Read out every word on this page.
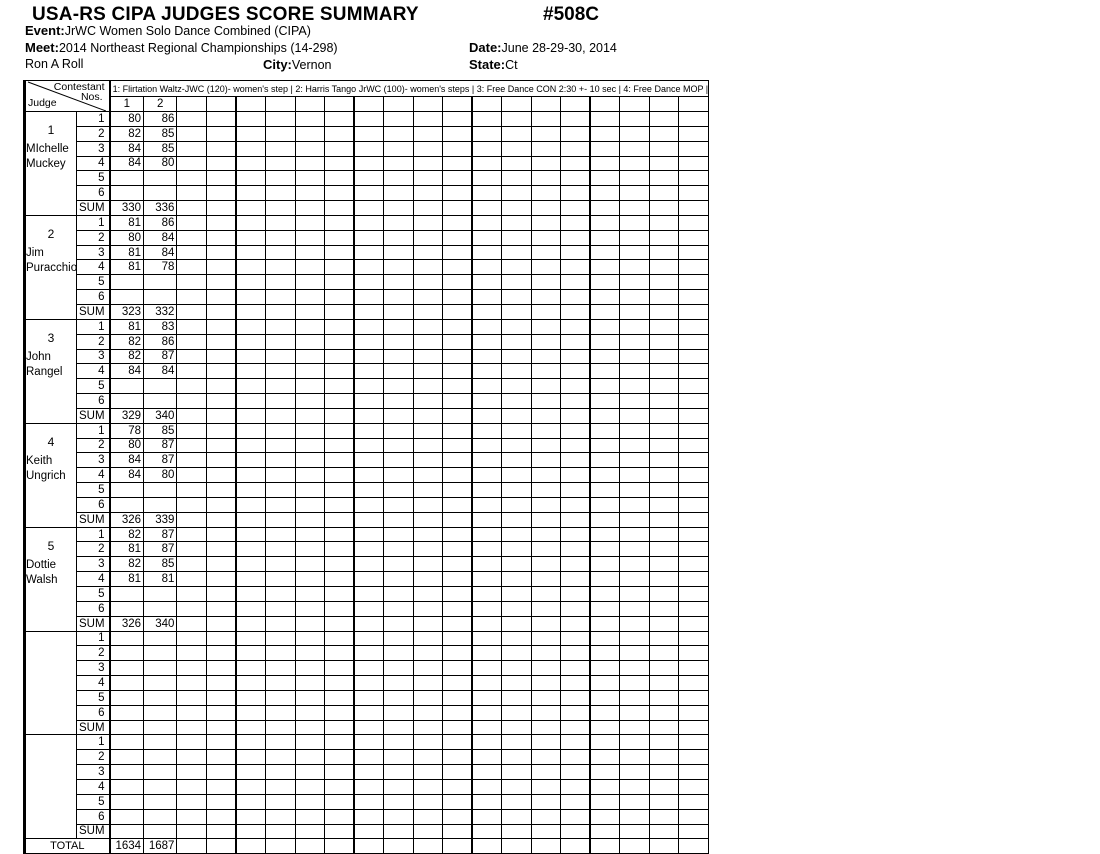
USA-RS CIPA JUDGES SCORE SUMMARY	#508C
Event:JrWC Women Solo Dance Combined (CIPA)
Meet:2014 Northeast Regional Championships (14-298)	Date:June 28-29-30, 2014
Ron A Roll	City:Vernon	State:Ct
Contestant
Nos.
Judge		1: Flirtation Waltz-JWC (120)- women's step | 2: Harris Tango JrWC (100)- women's steps | 3: Free Dance CON 2:30 +- 10 sec | 4: Free Dance MOP |																			
		1	2																		

1
MIchelle Muckey	1	80	86																		
	2	82	85																		
	3	84	85																		
	4	84	80																		
	5																				
	6																				
	SUM	330	336																		

2
Jim Puracchio	1	81	86																		
	2	80	84																		
	3	81	84																		
	4	81	78																		
	5																				
	6																				
	SUM	323	332																		

3
John Rangel	1	81	83																		
	2	82	86																		
	3	82	87																		
	4	84	84																		
	5																				
	6																				
	SUM	329	340																		

4
Keith Ungrich	1	78	85																		
	2	80	87																		
	3	84	87																		
	4	84	80																		
	5																				
	6																				
	SUM	326	339																		

5
Dottie Walsh	1	82	87																		
	2	81	87																		
	3	82	85																		
	4	81	81																		
	5																				
	6																				
	SUM	326	340																		

	1																				
	2																				
	3																				
	4																				
	5																				
	6																				
	SUM																				

	1																				
	2																				
	3																				
	4																				
	5																				
	6																				
	SUM																				
TOTAL		1634	1687																		
